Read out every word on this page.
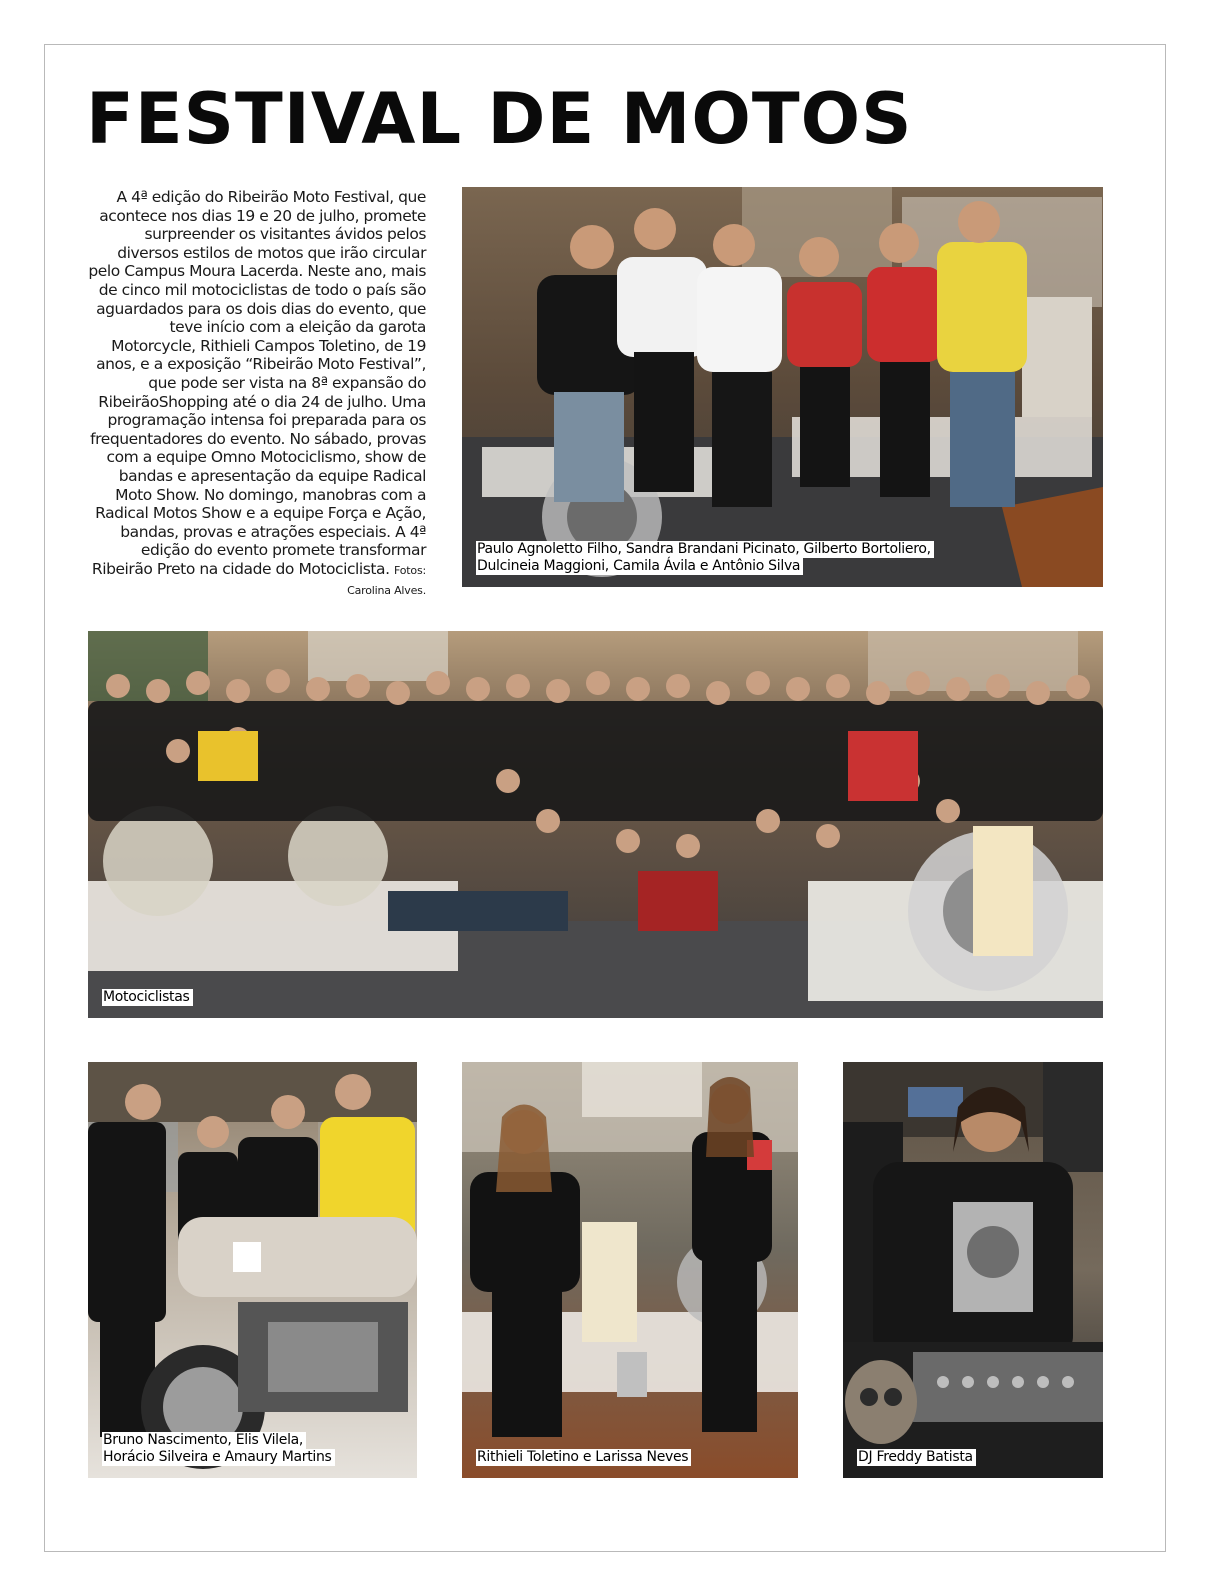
FESTIVAL DE MOTOS
A 4ª edição do Ribeirão Moto Festival, que acontece nos dias 19 e 20 de julho, promete surpreender os visitantes ávidos pelos diversos estilos de motos que irão circular pelo Campus Moura Lacerda. Neste ano, mais de cinco mil motociclistas de todo o país são aguardados para os dois dias do evento, que teve início com a eleição da garota Motorcycle, Rithieli Campos Toletino, de 19 anos, e a exposição “Ribeirão Moto Festival”, que pode ser vista na 8ª expansão do RibeirãoShopping até o dia 24 de julho. Uma programação intensa foi preparada para os frequentadores do evento. No sábado, provas com a equipe Omno Motociclismo, show de bandas e apresentação da equipe Radical Moto Show. No domingo, manobras com a Radical Motos Show e a equipe Força e Ação, bandas, provas e atrações especiais. A 4ª edição do evento promete transformar Ribeirão Preto na cidade do Motociclista. Fotos: Carolina Alves.
Paulo Agnoletto Filho, Sandra Brandani Picinato, Gilberto Bortoliero,
Dulcineia Maggioni, Camila Ávila e Antônio Silva
Motociclistas
Bruno Nascimento, Elis Vilela,
Horácio Silveira e Amaury Martins	Rithieli Toletino e Larissa Neves	DJ Freddy Batista
